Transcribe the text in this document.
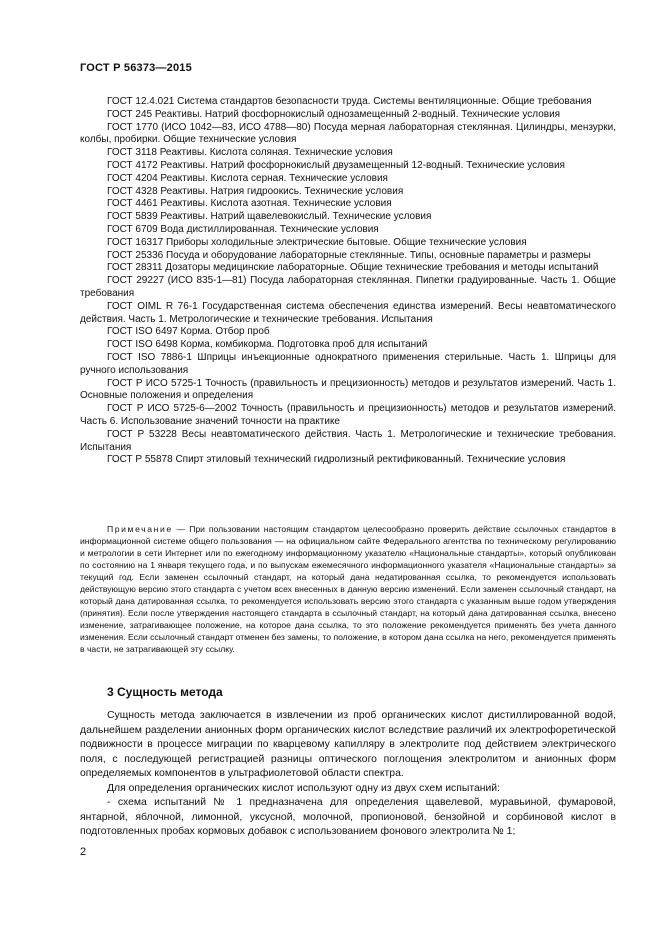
ГОСТ Р 56373—2015

ГОСТ 12.4.021 Система стандартов безопасности труда. Системы вентиляционные. Общие требования

ГОСТ 245 Реактивы. Натрий фосфорнокислый однозамещенный 2-водный. Технические условия

ГОСТ 1770 (ИСО 1042—83, ИСО 4788—80) Посуда мерная лабораторная стеклянная. Цилиндры, мензурки, колбы, пробирки. Общие технические условия

ГОСТ 3118 Реактивы. Кислота соляная. Технические условия

ГОСТ 4172 Реактивы. Натрий фосфорнокислый двузамещенный 12-водный. Технические условия

ГОСТ 4204 Реактивы. Кислота серная. Технические условия

ГОСТ 4328 Реактивы. Натрия гидроокись. Технические условия

ГОСТ 4461 Реактивы. Кислота азотная. Технические условия

ГОСТ 5839 Реактивы. Натрий щавелевокислый. Технические условия

ГОСТ 6709 Вода дистиллированная. Технические условия

ГОСТ 16317 Приборы холодильные электрические бытовые. Общие технические условия

ГОСТ 25336 Посуда и оборудование лабораторные стеклянные. Типы, основные параметры и размеры

ГОСТ 28311 Дозаторы медицинские лабораторные. Общие технические требования и методы испытаний

ГОСТ 29227 (ИСО 835-1—81) Посуда лабораторная стеклянная. Пипетки градуированные. Часть 1. Общие требования

ГОСТ OIML R 76-1 Государственная система обеспечения единства измерений. Весы неавтоматического действия. Часть 1. Метрологические и технические требования. Испытания

ГОСТ ISO 6497 Корма. Отбор проб

ГОСТ ISO 6498 Корма, комбикорма. Подготовка проб для испытаний

ГОСТ ISO 7886-1 Шприцы инъекционные однократного применения стерильные. Часть 1. Шприцы для ручного использования

ГОСТ Р ИСО 5725-1 Точность (правильность и прецизионность) методов и результатов измерений. Часть 1. Основные положения и определения

ГОСТ Р ИСО 5725-6—2002 Точность (правильность и прецизионность) методов и результатов измерений. Часть 6. Использование значений точности на практике

ГОСТ Р 53228 Весы неавтоматического действия. Часть 1. Метрологические и технические требования. Испытания

ГОСТ Р 55878 Спирт этиловый технический гидролизный ректификованный. Технические условия

Примечание — При пользовании настоящим стандартом целесообразно проверить действие ссылочных стандартов в информационной системе общего пользования — на официальном сайте Федерального агентства по техническому регулированию и метрологии в сети Интернет или по ежегодному информационному указателю «Национальные стандарты», который опубликован по состоянию на 1 января текущего года, и по выпускам ежемесячного информационного указателя «Национальные стандарты» за текущий год. Если заменен ссылочный стандарт, на который дана недатированная ссылка, то рекомендуется использовать действующую версию этого стандарта с учетом всех внесенных в данную версию изменений. Если заменен ссылочный стандарт, на который дана датированная ссылка, то рекомендуется использовать версию этого стандарта с указанным выше годом утверждения (принятия). Если после утверждения настоящего стандарта в ссылочный стандарт, на который дана датированная ссылка, внесено изменение, затрагивающее положение, на которое дана ссылка, то это положение рекомендуется применять без учета данного изменения. Если ссылочный стандарт отменен без замены, то положение, в котором дана ссылка на него, рекомендуется применять в части, не затрагивающей эту ссылку.

3 Сущность метода

Сущность метода заключается в извлечении из проб органических кислот дистиллированной водой, дальнейшем разделении анионных форм органических кислот вследствие различий их электрофоретической подвижности в процессе миграции по кварцевому капилляру в электролите под действием электрического поля, с последующей регистрацией разницы оптического поглощения электролитом и анионных форм определяемых компонентов в ультрафиолетовой области спектра.

Для определения органических кислот используют одну из двух схем испытаний:

- схема испытаний № 1 предназначена для определения щавелевой, муравьиной, фумаровой, янтарной, яблочной, лимонной, уксусной, молочной, пропионовой, бензойной и сорбиновой кислот в подготовленных пробах кормовых добавок с использованием фонового электролита № 1;

2
